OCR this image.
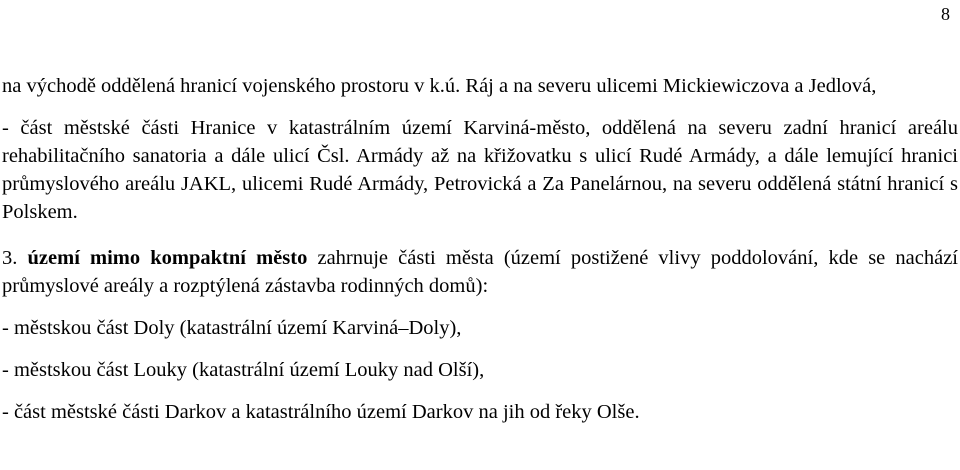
8

na východě oddělená hranicí vojenského prostoru v k.ú. Ráj a na severu ulicemi Mickiewiczova a Jedlová,

- část městské části Hranice v katastrálním území Karviná-město, oddělená na severu zadní hranicí areálu rehabilitačního sanatoria a dále ulicí Čsl. Armády až na křižovatku s ulicí Rudé Armády, a dále lemující hranici průmyslového areálu JAKL, ulicemi Rudé Armády, Petrovická a Za Panelárnou, na severu oddělená státní hranicí s Polskem.

3. území mimo kompaktní město zahrnuje části města (území postižené vlivy poddolování, kde se nachází průmyslové areály a rozptýlená zástavba rodinných domů):

- městskou část Doly (katastrální území Karviná–Doly),

- městskou část Louky (katastrální území Louky nad Olší),

- část městské části Darkov a katastrálního území Darkov na jih od řeky Olše.
